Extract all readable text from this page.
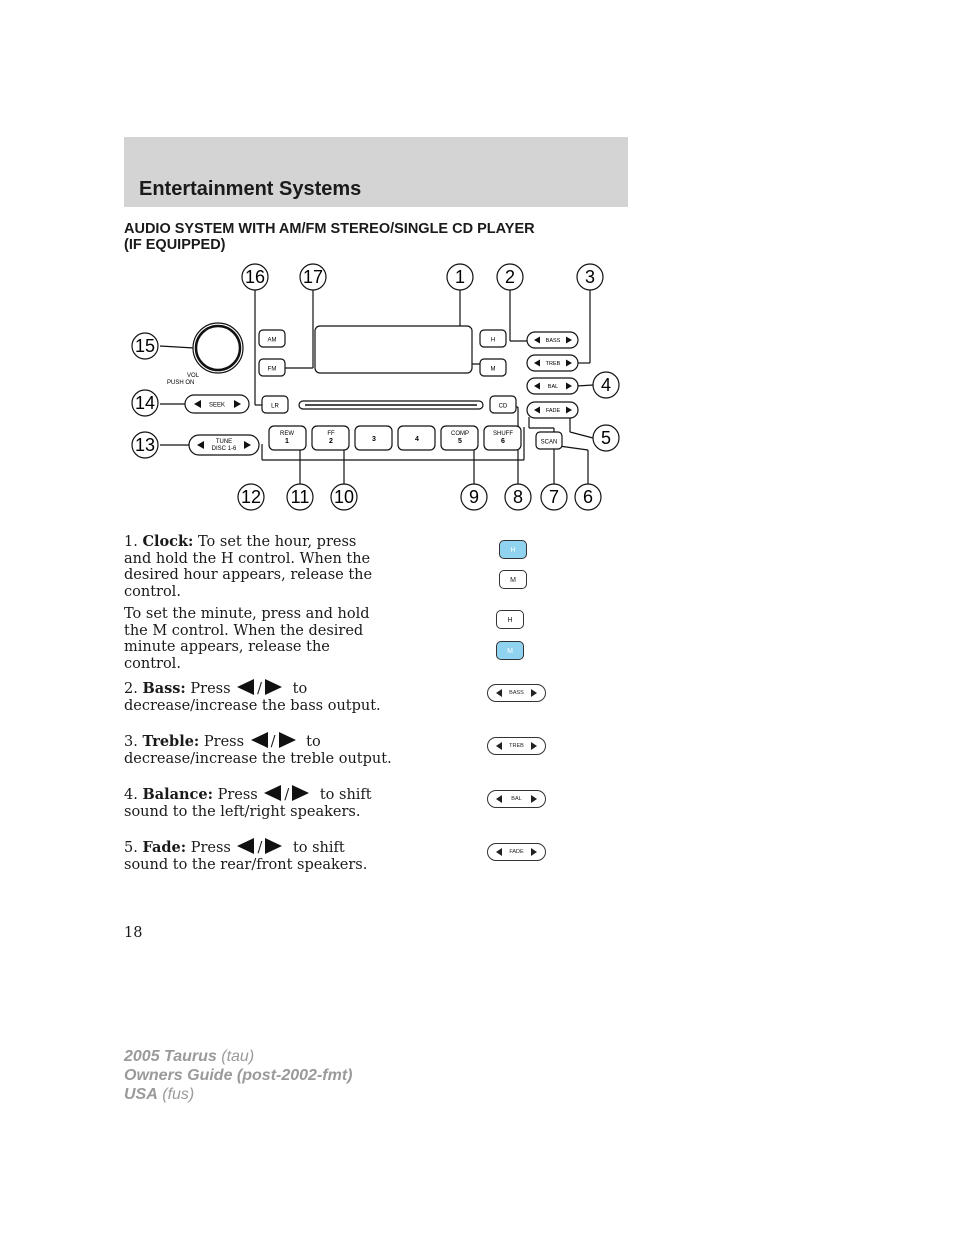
Entertainment Systems
AUDIO SYSTEM WITH AM/FM STEREO/SINGLE CD PLAYER
(IF EQUIPPED)
16 17	1 2	3
15
4
14
5
13
12 11 10	9 8 7 6
VOL
PUSH ON
AM
FM
H
M
BASS
TREB
BAL
FADE
SEEK	LR	CD
TUNE
DISC 1-6
REW
1
FF
2	3	4
COMP
5
SHUFF
6	SCAN
1. Clock: To set the hour, press and hold the H control. When the desired hour appears, release the control.
To set the minute, press and hold the M control. When the desired minute appears, release the control.
H
M
H
M
2. Bass: Press / to
decrease/increase the bass output.
BASS
3. Treble: Press / to
decrease/increase the treble output.
TREB
4. Balance: Press / to shift
sound to the left/right speakers.
BAL
5. Fade: Press / to shift
sound to the rear/front speakers.
FADE
18
2005 Taurus (tau)
Owners Guide (post-2002-fmt)
USA (fus)
